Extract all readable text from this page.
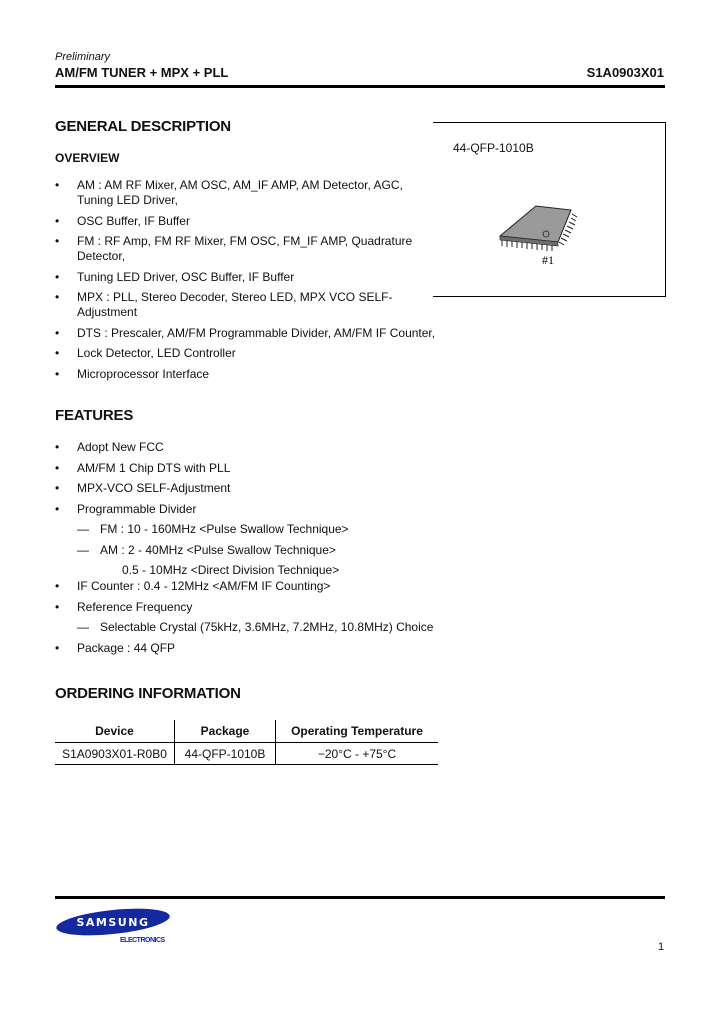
Preliminary
AM/FM TUNER + MPX + PLL	S1A0903X01
GENERAL DESCRIPTION
OVERVIEW
• AM : AM RF Mixer, AM OSC, AM_IF AMP, AM Detector, AGC, Tuning LED Driver,
• OSC Buffer, IF Buffer
• FM : RF Amp, FM RF Mixer, FM OSC, FM_IF AMP, Quadrature Detector,
• Tuning LED Driver, OSC Buffer, IF Buffer
• MPX : PLL, Stereo Decoder, Stereo LED, MPX VCO SELF-Adjustment
• DTS : Prescaler, AM/FM Programmable Divider, AM/FM IF Counter,
• Lock Detector, LED Controller
• Microprocessor Interface
44-QFP-1010B
#1
FEATURES
• Adopt New FCC
• AM/FM 1 Chip DTS with PLL
• MPX-VCO SELF-Adjustment
• Programmable Divider
— FM : 10 - 160MHz <Pulse Swallow Technique>
— AM : 2 - 40MHz <Pulse Swallow Technique>
0.5 - 10MHz <Direct Division Technique>
• IF Counter : 0.4 - 12MHz <AM/FM IF Counting>
• Reference Frequency
— Selectable Crystal (75kHz, 3.6MHz, 7.2MHz, 10.8MHz) Choice
• Package : 44 QFP
ORDERING INFORMATION
Device	Package	Operating Temperature
S1A0903X01-R0B0	44-QFP-1010B	−20°C - +75°C
SAMSUNG
ELECTRONICS
1
